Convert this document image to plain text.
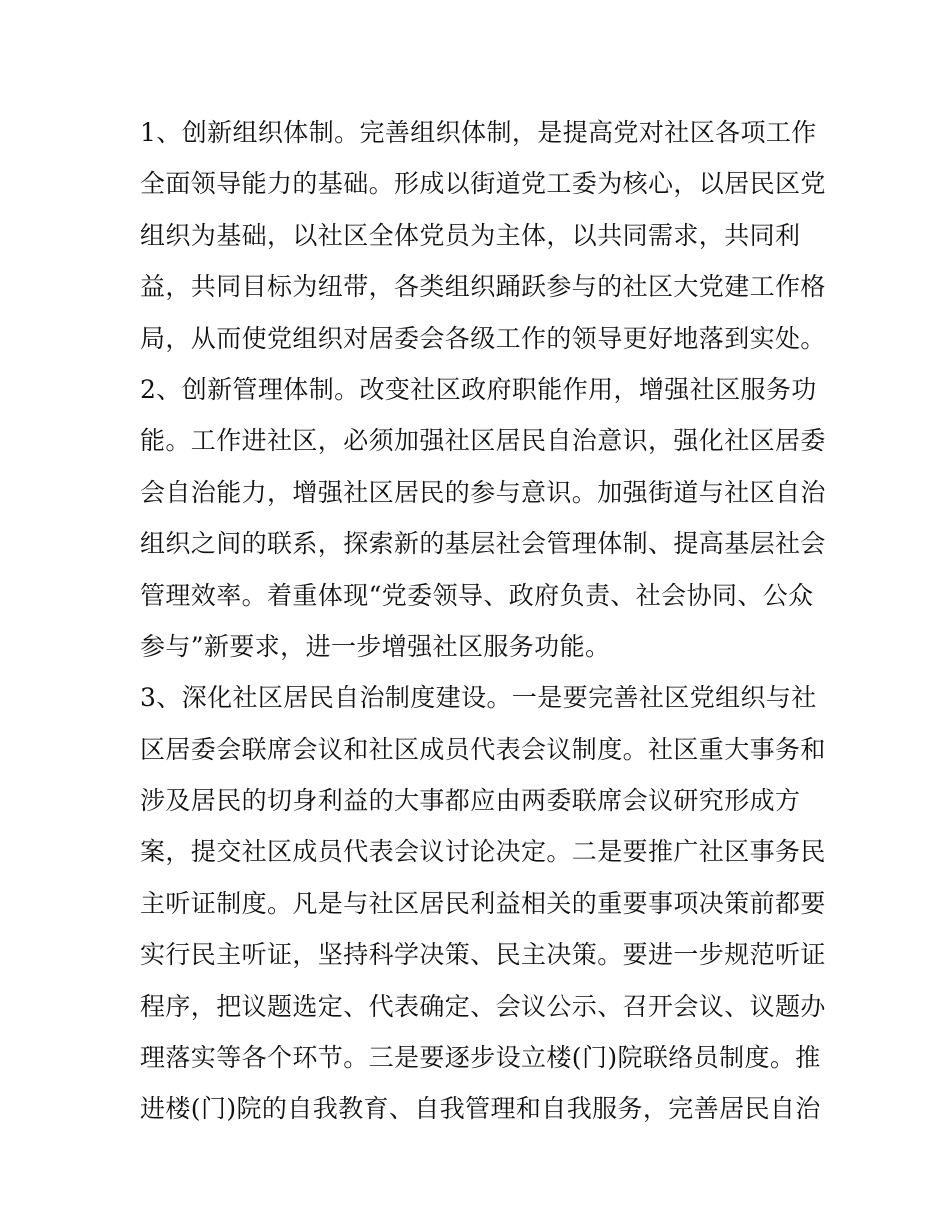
1、创新组织体制。完善组织体制，是提高党对社区各项工作
全面领导能力的基础。形成以街道党工委为核心，以居民区党
组织为基础，以社区全体党员为主体，以共同需求，共同利
益，共同目标为纽带，各类组织踊跃参与的社区大党建工作格
局，从而使党组织对居委会各级工作的领导更好地落到实处。
2、创新管理体制。改变社区政府职能作用，增强社区服务功
能。工作进社区，必须加强社区居民自治意识，强化社区居委
会自治能力，增强社区居民的参与意识。加强街道与社区自治
组织之间的联系，探索新的基层社会管理体制、提高基层社会
管理效率。着重体现“党委领导、政府负责、社会协同、公众
参与”新要求，进一步增强社区服务功能。
3、深化社区居民自治制度建设。一是要完善社区党组织与社
区居委会联席会议和社区成员代表会议制度。社区重大事务和
涉及居民的切身利益的大事都应由两委联席会议研究形成方
案，提交社区成员代表会议讨论决定。二是要推广社区事务民
主听证制度。凡是与社区居民利益相关的重要事项决策前都要
实行民主听证，坚持科学决策、民主决策。要进一步规范听证
程序，把议题选定、代表确定、会议公示、召开会议、议题办
理落实等各个环节。三是要逐步设立楼(门)院联络员制度。推
进楼(门)院的自我教育、自我管理和自我服务，完善居民自治
